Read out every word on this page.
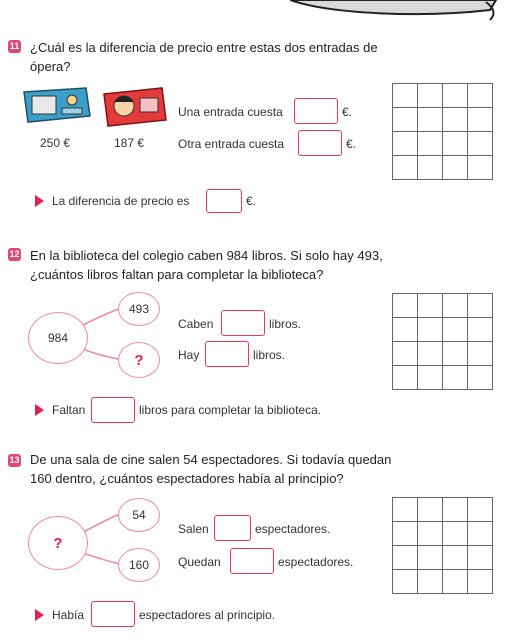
11 ¿Cuál es la diferencia de precio entre estas dos entradas de ópera?
250 €	187 €
Una entrada cuesta	€.
Otra entrada cuesta	€.
La diferencia de precio es	€.
12 En la biblioteca del colegio caben 984 libros. Si solo hay 493, ¿cuántos libros faltan para completar la biblioteca?
984
493
?
Caben	libros.
Hay	libros.
Faltan	libros para completar la biblioteca.
13 De una sala de cine salen 54 espectadores. Si todavía quedan 160 dentro, ¿cuántos espectadores había al principio?
?
54
160
Salen	espectadores.
Quedan	espectadores.
Había	espectadores al principio.
